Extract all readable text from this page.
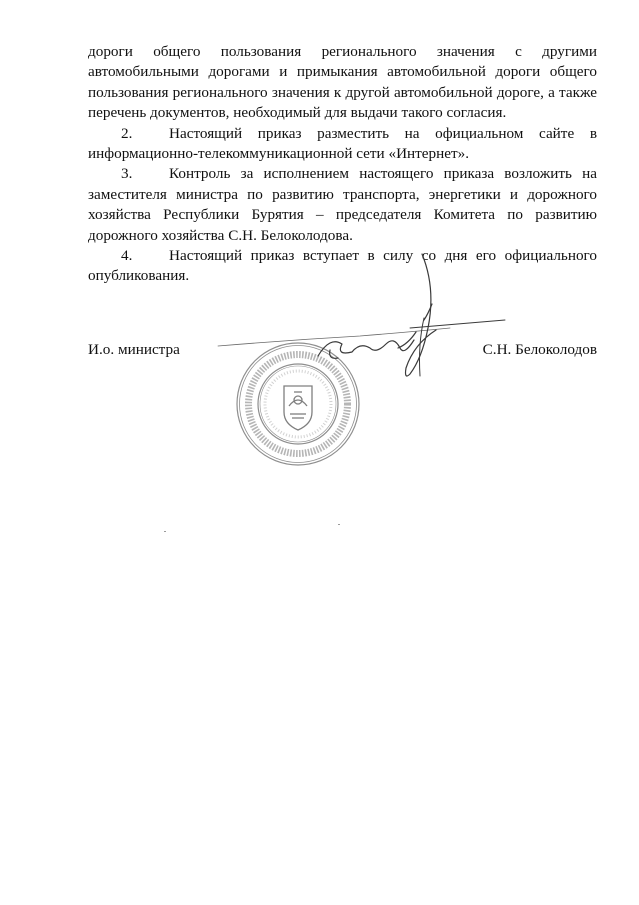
дороги общего пользования регионального значения с другими автомобильными дорогами и примыкания автомобильной дороги общего пользования регионального значения к другой автомобильной дороге, а также перечень документов, необходимый для выдачи такого согласия.

2. Настоящий приказ разместить на официальном сайте в информационно-телекоммуникационной сети «Интернет».

3. Контроль за исполнением настоящего приказа возложить на заместителя министра по развитию транспорта, энергетики и дорожного хозяйства Республики Бурятия – председателя Комитета по развитию дорожного хозяйства С.Н. Белоколодова.

4. Настоящий приказ вступает в силу со дня его официального опубликования.

И.о. министра	С.Н. Белоколодов
